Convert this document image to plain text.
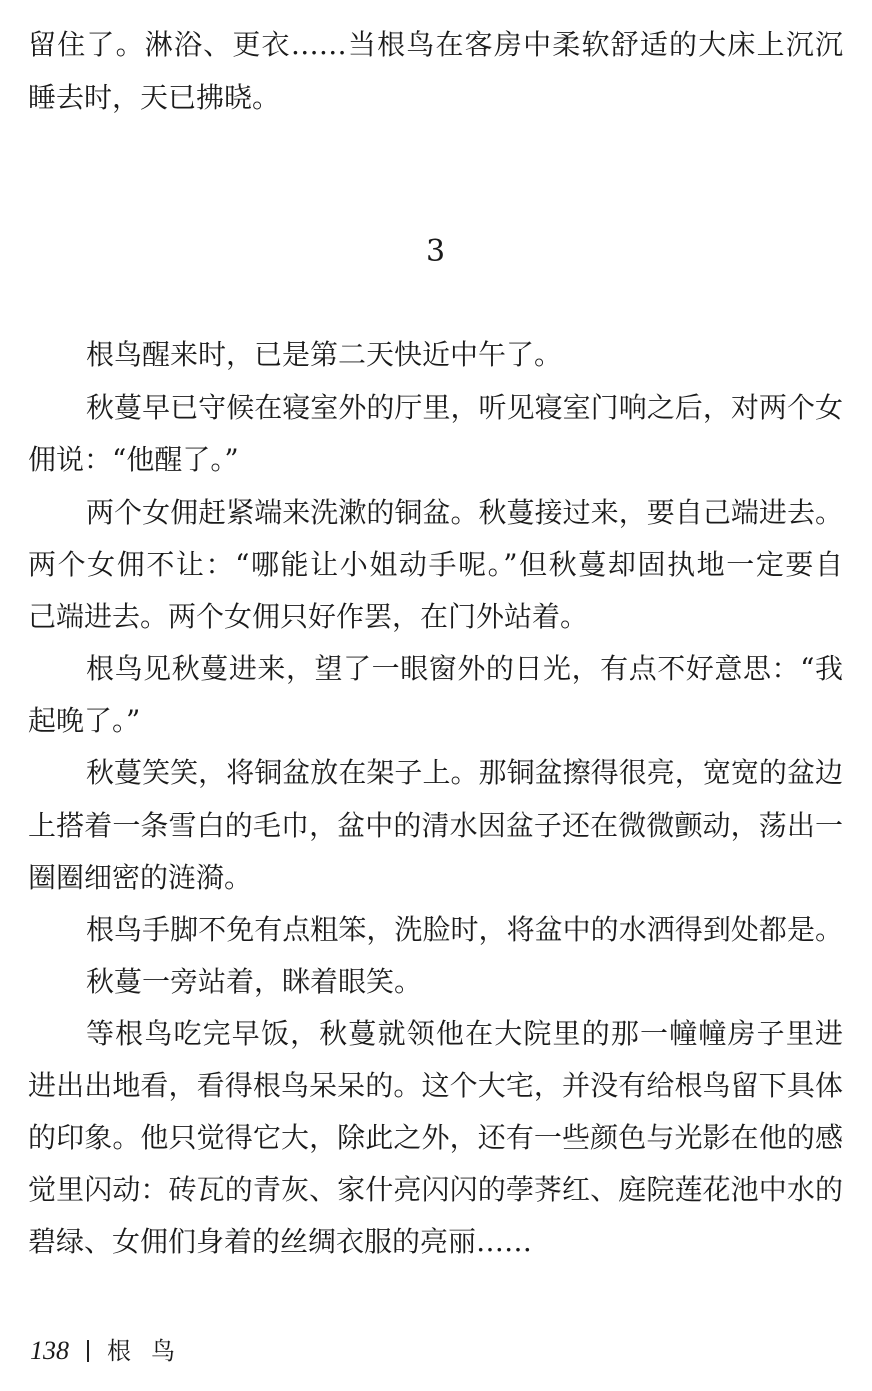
3
留住了。淋浴、更衣……当根鸟在客房中柔软舒适的大床上沉沉
睡去时，天已拂晓。
根鸟醒来时，已是第二天快近中午了。
秋蔓早已守候在寝室外的厅里，听见寝室门响之后，对两个女
佣说：“他醒了。”
两个女佣赶紧端来洗漱的铜盆。秋蔓接过来，要自己端进去。
两个女佣不让：“哪能让小姐动手呢。”但秋蔓却固执地一定要自
己端进去。两个女佣只好作罢，在门外站着。
根鸟见秋蔓进来，望了一眼窗外的日光，有点不好意思：“我
起晚了。”
秋蔓笑笑，将铜盆放在架子上。那铜盆擦得很亮，宽宽的盆边
上搭着一条雪白的毛巾，盆中的清水因盆子还在微微颤动，荡出一
圈圈细密的涟漪。
根鸟手脚不免有点粗笨，洗脸时，将盆中的水洒得到处都是。
秋蔓一旁站着，眯着眼笑。
等根鸟吃完早饭，秋蔓就领他在大院里的那一幢幢房子里进
进出出地看，看得根鸟呆呆的。这个大宅，并没有给根鸟留下具体
的印象。他只觉得它大，除此之外，还有一些颜色与光影在他的感
觉里闪动：砖瓦的青灰、家什亮闪闪的荸荠红、庭院莲花池中水的
碧绿、女佣们身着的丝绸衣服的亮丽……
138 根鸟
